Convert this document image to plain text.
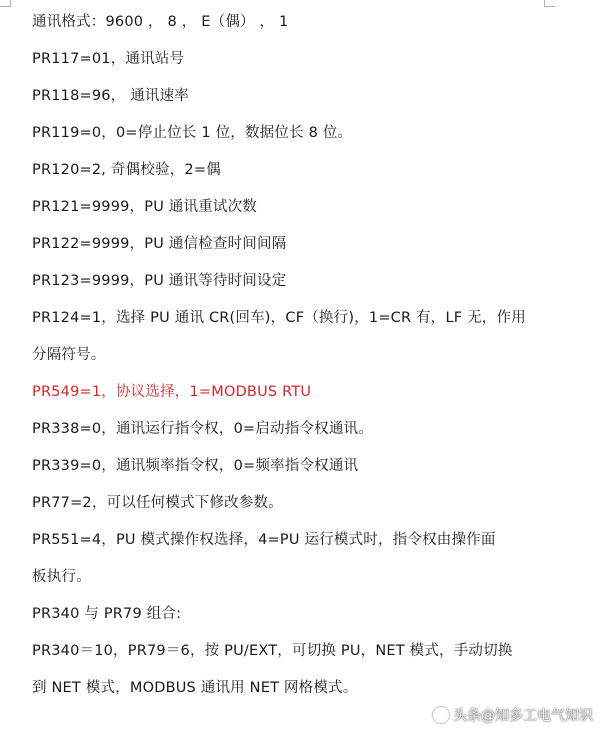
通讯格式：9600 ， 8 ， E（偶） ， 1
PR117=01，通讯站号
PR118=96， 通讯速率
PR119=0，0=停止位长 1 位，数据位长 8 位。
PR120=2, 奇偶校验，2=偶
PR121=9999，PU 通讯重试次数
PR122=9999，PU 通信检查时间间隔
PR123=9999，PU 通讯等待时间设定
PR124=1，选择 PU 通讯 CR(回车)，CF（换行)，1=CR 有，LF 无，作用
分隔符号。
PR549=1，协议选择，1=MODBUS RTU
PR338=0，通讯运行指令权，0=启动指令权通讯。
PR339=0，通讯频率指令权，0=频率指令权通讯
PR77=2，可以任何模式下修改参数。
PR551=4，PU 模式操作权选择，4=PU 运行模式时，指令权由操作面
板执行。
PR340 与 PR79 组合:
PR340＝10，PR79＝6，按 PU/EXT，可切换 PU，NET 模式，手动切换
到 NET 模式，MODBUS 通讯用 NET 网格模式。
头条@知多工电气知识
